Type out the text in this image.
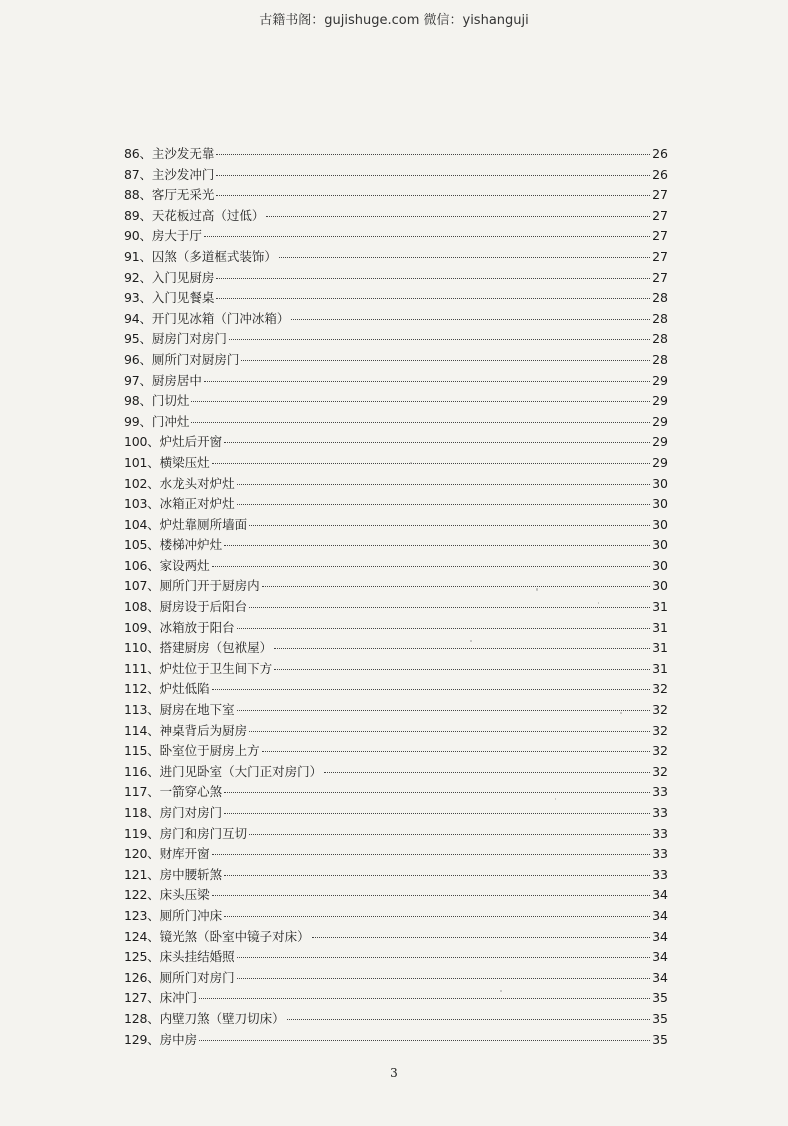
古籍书阁：gujishuge.com 微信：yishanguji
86、 主沙发无靠	26
87、 主沙发冲门	26
88、 客厅无采光	27
89、 天花板过高（过低）	27
90、 房大于厅	27
91、 囚煞（多道框式装饰）	27
92、 入门见厨房	27
93、 入门见餐桌	28
94、 开门见冰箱（门冲冰箱）	28
95、 厨房门对房门	28
96、 厕所门对厨房门	28
97、 厨房居中	29
98、 门切灶	29
99、 门冲灶	29
100、 炉灶后开窗	29
101、 横梁压灶	29
102、 水龙头对炉灶	30
103、 冰箱正对炉灶	30
104、 炉灶靠厕所墙面	30
105、 楼梯冲炉灶	30
106、 家设两灶	30
107、 厕所门开于厨房内	30
108、 厨房设于后阳台	31
109、 冰箱放于阳台	31
110、 搭建厨房（包袱屋）	31
111、 炉灶位于卫生间下方	31
112、 炉灶低陷	32
113、 厨房在地下室	32
114、 神桌背后为厨房	32
115、 卧室位于厨房上方	32
116、 进门见卧室（大门正对房门）	32
117、 一箭穿心煞	33
118、 房门对房门	33
119、 房门和房门互切	33
120、 财库开窗	33
121、 房中腰斩煞	33
122、 床头压梁	34
123、 厕所门冲床	34
124、 镜光煞（卧室中镜子对床）	34
125、 床头挂结婚照	34
126、 厕所门对房门	34
127、 床冲门	35
128、 内壁刀煞（壁刀切床）	35
129、 房中房	35
3
